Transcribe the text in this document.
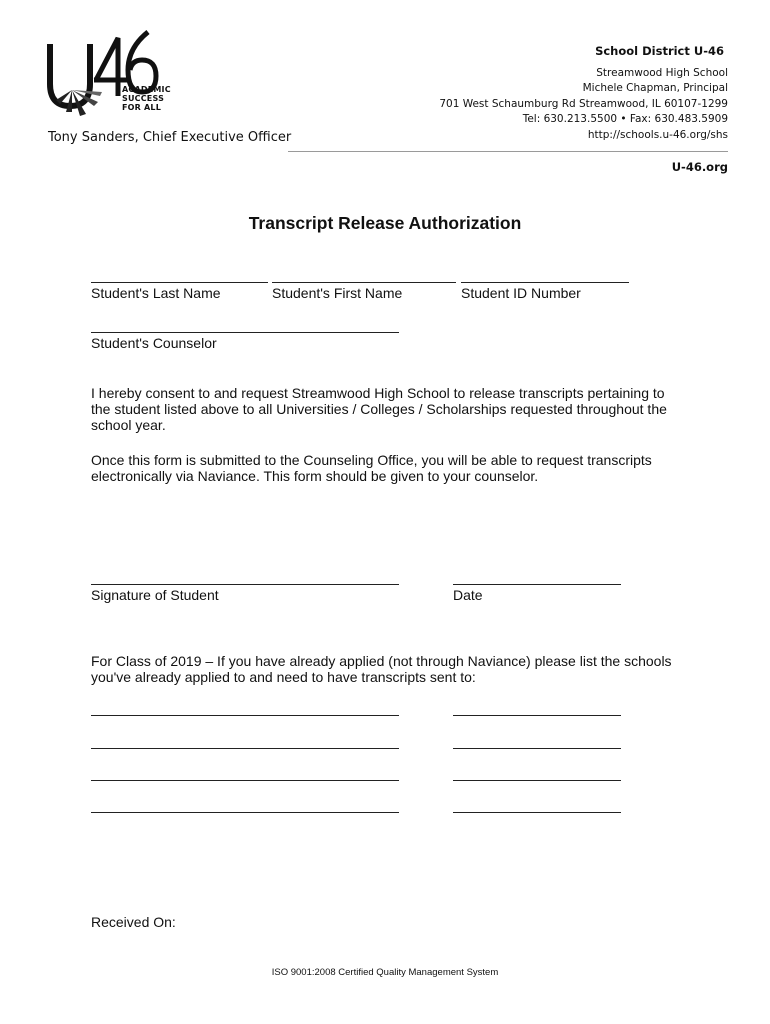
ACADEMIC
SUCCESS
FOR ALL
Tony Sanders, Chief Executive Officer
School District U-46
Streamwood High School
Michele Chapman, Principal
701 West Schaumburg Rd Streamwood, IL 60107-1299
Tel: 630.213.5500 • Fax: 630.483.5909
http://schools.u-46.org/shs
U-46.org
Transcript Release Authorization
Student's Last Name	Student's First Name	Student ID Number
Student's Counselor
I hereby consent to and request Streamwood High School to release transcripts pertaining to the student listed above to all Universities / Colleges / Scholarships requested throughout the school year.
Once this form is submitted to the Counseling Office, you will be able to request transcripts electronically via Naviance. This form should be given to your counselor.
Signature of Student	Date
For Class of 2019 – If you have already applied (not through Naviance) please list the schools you've already applied to and need to have transcripts sent to:
Received On:
ISO 9001:2008 Certified Quality Management System
